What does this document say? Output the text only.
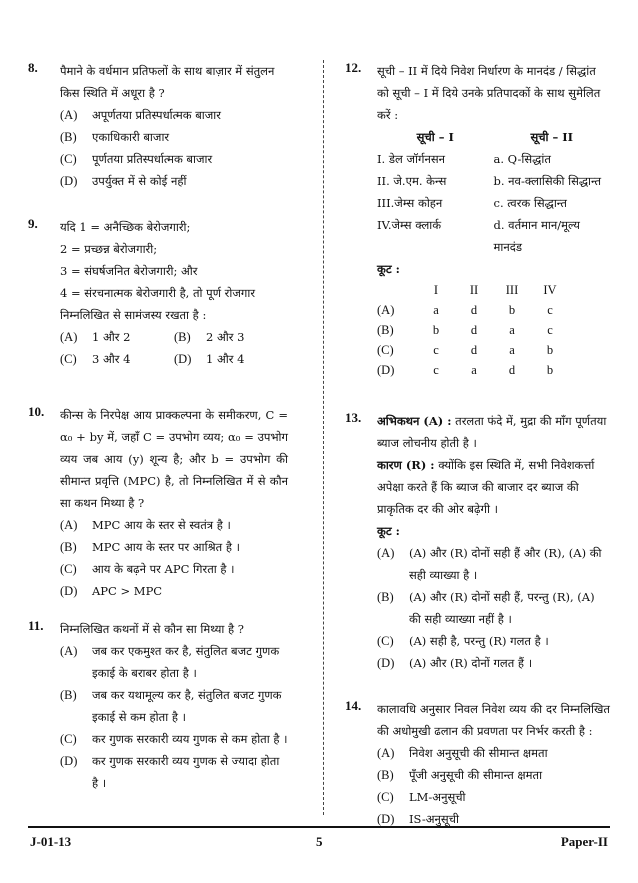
8. पैमाने के वर्धमान प्रतिफलों के साथ बाज़ार में संतुलन किस स्थिति में अधूरा है ?
(A)	अपूर्णतया प्रतिस्पर्धात्मक बाजार
(B)	एकाधिकारी बाजार
(C)	पूर्णतया प्रतिस्पर्धात्मक बाजार
(D)	उपर्युक्त में से कोई नहीं
9. यदि 1 = अनैच्छिक बेरोजगारी;
2 = प्रच्छन्न बेरोजगारी;
3 = संघर्षजनित बेरोजगारी; और
4 = संरचनात्मक बेरोजगारी है, तो पूर्ण रोजगार निम्नलिखित से सामंजस्य रखता है :
(A)	1 और 2	(B)	2 और 3
(C)	3 और 4	(D)	1 और 4
10. कीन्स के निरपेक्ष आय प्राक्कल्पना के समीकरण, C = α₀ + by में, जहाँ C = उपभोग व्यय; α₀ = उपभोग व्यय जब आय (y) शून्य है; और b = उपभोग की सीमान्त प्रवृत्ति (MPC) है, तो निम्नलिखित में से कौन सा कथन मिथ्या है ?
(A)	MPC आय के स्तर से स्वतंत्र है ।
(B)	MPC आय के स्तर पर आश्रित है ।
(C)	आय के बढ़ने पर APC गिरता है ।
(D)	APC > MPC
11. निम्नलिखित कथनों में से कौन सा मिथ्या है ?
(A)	जब कर एकमुश्त कर है, संतुलित बजट गुणक इकाई के बराबर होता है ।
(B)	जब कर यथामूल्य कर है, संतुलित बजट गुणक इकाई से कम होता है ।
(C)	कर गुणक सरकारी व्यय गुणक से कम होता है ।
(D)	कर गुणक सरकारी व्यय गुणक से ज्यादा होता है ।
12. सूची – II में दिये निवेश निर्धारण के मानदंड / सिद्धांत को सूची – I में दिये उनके प्रतिपादकों के साथ सुमेलित करें :
सूची – I	सूची – II
I. डेल जॉर्गनसन	a. Q-सिद्धांत
II. जे.एम. केन्स	b. नव-क्लासिकी सिद्धान्त
III.जेम्स कोहन	c. त्वरक सिद्धान्त
IV.जेम्स क्लार्क	d. वर्तमान मान/मूल्य मानदंड
कूट :
	I	II	III	IV
(A)	a	d	b	c
(B)	b	d	a	c
(C)	c	d	a	b
(D)	c	a	d	b
13. अभिकथन (A) : तरलता फंदे में, मुद्रा की माँग पूर्णतया ब्याज लोचनीय होती है ।
कारण (R) : क्योंकि इस स्थिति में, सभी निवेशकर्त्ता अपेक्षा करते हैं कि ब्याज की बाजार दर ब्याज की प्राकृतिक दर की ओर बढ़ेगी ।
कूट :
(A)	(A) और (R) दोनों सही हैं और (R), (A) की सही व्याख्या है ।
(B)	(A) और (R) दोनों सही हैं, परन्तु (R), (A) की सही व्याख्या नहीं है ।
(C)	(A) सही है, परन्तु (R) गलत है ।
(D)	(A) और (R) दोनों गलत हैं ।
14. कालावधि अनुसार निवल निवेश व्यय की दर निम्नलिखित की अधोमुखी ढलान की प्रवणता पर निर्भर करती है :
(A)	निवेश अनुसूची की सीमान्त क्षमता
(B)	पूँजी अनुसूची की सीमान्त क्षमता
(C)	LM-अनुसूची
(D)	IS-अनुसूची
J-01-13	5	Paper-II
